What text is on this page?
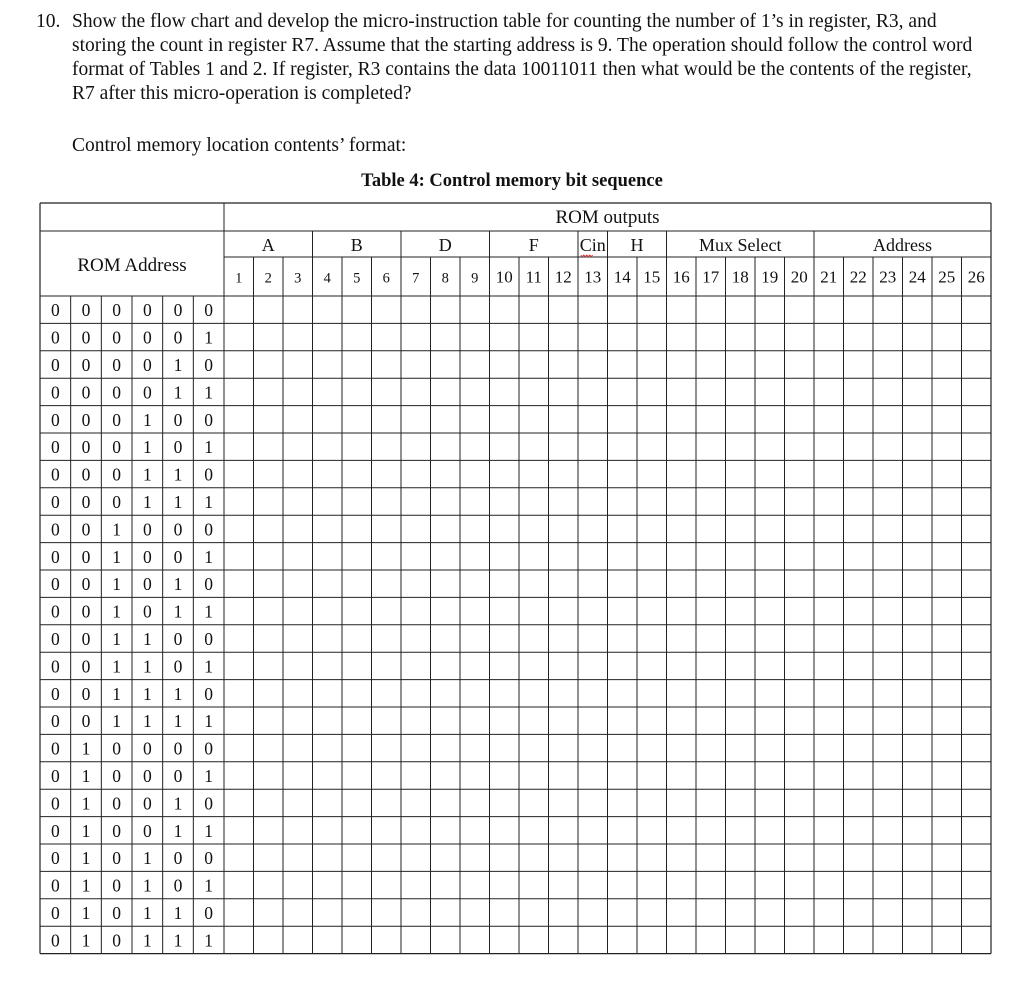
10. Show the flow chart and develop the micro-instruction table for counting the number of 1’s in register, R3, and storing the count in register R7. Assume that the starting address is 9. The operation should follow the control word format of Tables 1 and 2. If register, R3 contains the data 10011011 then what would be the contents of the register, R7 after this micro-operation is completed?
Control memory location contents’ format:
Table 4: Control memory bit sequence
ROM outputs
ROM Address
A	B	D	F Cin H	Mux Select	Address
1 2 3 4 5 6 7 8 9 10 11 12 13 14 15 16 17 18 19 20 21 22 23 24 25 26
0 0 0 0 0 0
0 0 0 0 0 1
0 0 0 0 1 0
0 0 0 0 1 1
0 0 0 1 0 0
0 0 0 1 0 1
0 0 0 1 1 0
0 0 0 1 1 1
0 0 1 0 0 0
0 0 1 0 0 1
0 0 1 0 1 0
0 0 1 0 1 1
0 0 1 1 0 0
0 0 1 1 0 1
0 0 1 1 1 0
0 0 1 1 1 1
0 1 0 0 0 0
0 1 0 0 0 1
0 1 0 0 1 0
0 1 0 0 1 1
0 1 0 1 0 0
0 1 0 1 0 1
0 1 0 1 1 0
0 1 0 1 1 1
